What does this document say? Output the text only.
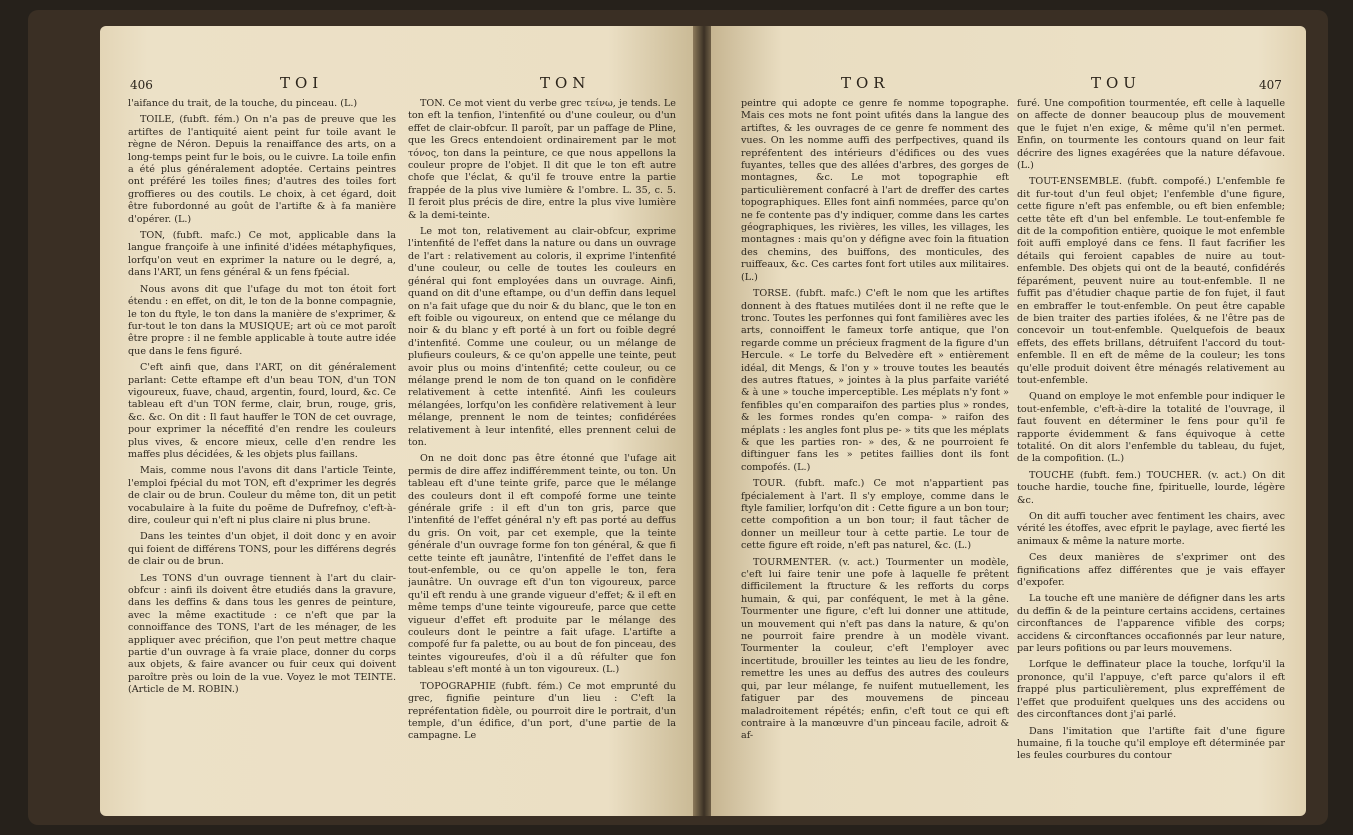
406	TOI	TON

l'aifance du trait, de la touche, du pinceau. (L.)

TOILE, (fubft. fém.) On n'a pas de preuve que les artiftes de l'antiquité aient peint fur toile avant le règne de Néron. Depuis la renaiffance des arts, on a long-temps peint fur le bois, ou le cuivre. La toile enfin a été plus généralement adoptée. Certains peintres ont préféré les toiles fines; d'autres des toiles fort groffieres ou des coutils. Le choix, à cet égard, doit être fubordonné au goût de l'artifte & à fa manière d'opérer. (L.)

TON, (fubft. mafc.) Ce mot, applicable dans la langue françoife à une infinité d'idées métaphyfiques, lorfqu'on veut en exprimer la nature ou le degré, a, dans l'ART, un fens général & un fens fpécial.

Nous avons dit que l'ufage du mot ton étoit fort étendu : en effet, on dit, le ton de la bonne compagnie, le ton du ftyle, le ton dans la manière de s'exprimer, & fur-tout le ton dans la MUSIQUE; art où ce mot paroît être propre : il ne femble applicable à toute autre idée que dans le fens figuré.

C'eft ainfi que, dans l'ART, on dit généralement parlant: Cette eftampe eft d'un beau TON, d'un TON vigoureux, fuave, chaud, argentin, fourd, lourd, &c. Ce tableau eft d'un TON ferme, clair, brun, rouge, gris, &c. &c. On dit : Il faut hauffer le TON de cet ouvrage, pour exprimer la néceffité d'en rendre les couleurs plus vives, & encore mieux, celle d'en rendre les maffes plus décidées, & les objets plus faillans.

Mais, comme nous l'avons dit dans l'article Teinte, l'emploi fpécial du mot TON, eft d'exprimer les degrés de clair ou de brun. Couleur du même ton, dit un petit vocabulaire à la fuite du poëme de Dufrefnoy, c'eft-à-dire, couleur qui n'eft ni plus claire ni plus brune.

Dans les teintes d'un objet, il doit donc y en avoir qui foient de différens TONS, pour les différens degrés de clair ou de brun.

Les TONS d'un ouvrage tiennent à l'art du clair-obfcur : ainfi ils doivent être etudiés dans la gravure, dans les deffins & dans tous les genres de peinture, avec la même exactitude : ce n'eft que par la connoiffance des TONS, l'art de les ménager, de les appliquer avec précifion, que l'on peut mettre chaque partie d'un ouvrage à fa vraie place, donner du corps aux objets, & faire avancer ou fuir ceux qui doivent paroître près ou loin de la vue. Voyez le mot TEINTE. (Article de M. ROBIN.)

TON. Ce mot vient du verbe grec τείνω, je tends. Le ton eft la tenfion, l'intenfité ou d'une couleur, ou d'un effet de clair-obfcur. Il paroît, par un paffage de Pline, que les Grecs entendoient ordinairement par le mot τόνος, ton dans la peinture, ce que nous appellons la couleur propre de l'objet. Il dit que le ton eft autre chofe que l'éclat, & qu'il fe trouve entre la partie frappée de la plus vive lumière & l'ombre. L. 35, c. 5. Il feroit plus précis de dire, entre la plus vive lumière & la demi-teinte.

Le mot ton, relativement au clair-obfcur, exprime l'intenfité de l'effet dans la nature ou dans un ouvrage de l'art : relativement au coloris, il exprime l'intenfité d'une couleur, ou celle de toutes les couleurs en général qui font employées dans un ouvrage. Ainfi, quand on dit d'une eftampe, ou d'un deffin dans lequel on n'a fait ufage que du noir & du blanc, que le ton en eft foible ou vigoureux, on entend que ce mélange du noir & du blanc y eft porté à un fort ou foible degré d'intenfité. Comme une couleur, ou un mélange de plufieurs couleurs, & ce qu'on appelle une teinte, peut avoir plus ou moins d'intenfité; cette couleur, ou ce mélange prend le nom de ton quand on le confidère relativement à cette intenfité. Ainfi les couleurs mélangées, lorfqu'on les confidère relativement à leur mélange, prennent le nom de teintes; confidérées relativement à leur intenfité, elles prennent celui de ton.

On ne doit donc pas être étonné que l'ufage ait permis de dire affez indifféremment teinte, ou ton. Un tableau eft d'une teinte grife, parce que le mélange des couleurs dont il eft compofé forme une teinte générale grife : il eft d'un ton gris, parce que l'intenfité de l'effet général n'y eft pas porté au deffus du gris. On voit, par cet exemple, que la teinte générale d'un ouvrage forme fon ton général, & que fi cette teinte eft jaunâtre, l'intenfité de l'effet dans le tout-enfemble, ou ce qu'on appelle le ton, fera jaunâtre. Un ouvrage eft d'un ton vigoureux, parce qu'il eft rendu à une grande vigueur d'effet; & il eft en même temps d'une teinte vigoureufe, parce que cette vigueur d'effet eft produite par le mélange des couleurs dont le peintre a fait ufage. L'artifte a compofé fur fa palette, ou au bout de fon pinceau, des teintes vigoureufes, d'où il a dû réfulter que fon tableau s'eft monté à un ton vigoureux. (L.)

TOPOGRAPHIE (fubft. fém.) Ce mot emprunté du grec, fignifie peinture d'un lieu : C'eft la repréfentation fidèle, ou pourroit dire le portrait, d'un temple, d'un édifice, d'un port, d'une partie de la campagne. Le

TOR	TOU	407

peintre qui adopte ce genre fe nomme topographe. Mais ces mots ne font point ufités dans la langue des artiftes, & les ouvrages de ce genre fe nomment des vues. On les nomme auffi des perfpectives, quand ils repréfentent des intérieurs d'édifices ou des vues fuyantes, telles que des allées d'arbres, des gorges de montagnes, &c. Le mot topographie eft particulièrement confacré à l'art de dreffer des cartes topographiques. Elles font ainfi nommées, parce qu'on ne fe contente pas d'y indiquer, comme dans les cartes géographiques, les rivières, les villes, les villages, les montagnes : mais qu'on y défigne avec foin la fituation des chemins, des buiffons, des monticules, des ruiffeaux, &c. Ces cartes font fort utiles aux militaires. (L.)

TORSE. (fubft. mafc.) C'eft le nom que les artiftes donnent à des ftatues mutilées dont il ne refte que le tronc. Toutes les perfonnes qui font familières avec les arts, connoiffent le fameux torfe antique, que l'on regarde comme un précieux fragment de la figure d'un Hercule. « Le torfe du Belvedère eft » entièrement idéal, dit Mengs, & l'on y » trouve toutes les beautés des autres ftatues, » jointes à la plus parfaite variété & à une » touche imperceptible. Les méplats n'y font » fenfibles qu'en comparaifon des parties plus » rondes, & les formes rondes qu'en compa- » raifon des méplats : les angles font plus pe- » tits que les méplats & que les parties ron- » des, & ne pourroient fe diftinguer fans les » petites faillies dont ils font compofés. (L.)

TOUR. (fubft. mafc.) Ce mot n'appartient pas fpécialement à l'art. Il s'y employe, comme dans le ftyle familier, lorfqu'on dit : Cette figure a un bon tour; cette compofition a un bon tour; il faut tâcher de donner un meilleur tour à cette partie. Le tour de cette figure eft roide, n'eft pas naturel, &c. (L.)

TOURMENTER. (v. act.) Tourmenter un modèle, c'eft lui faire tenir une pofe à laquelle fe prêtent difficilement la ftructure & les refforts du corps humain, & qui, par conféquent, le met à la gêne. Tourmenter une figure, c'eft lui donner une attitude, un mouvement qui n'eft pas dans la nature, & qu'on ne pourroit faire prendre à un modèle vivant. Tourmenter la couleur, c'eft l'employer avec incertitude, brouiller les teintes au lieu de les fondre, remettre les unes au deffus des autres des couleurs qui, par leur mélange, fe nuifent mutuellement, les fatiguer par des mouvemens de pinceau maladroitement répétés; enfin, c'eft tout ce qui eft contraire à la manœuvre d'un pinceau facile, adroit & af-

furé. Une compofition tourmentée, eft celle à laquelle on affecte de donner beaucoup plus de mouvement que le fujet n'en exige, & même qu'il n'en permet. Enfin, on tourmente les contours quand on leur fait décrire des lignes exagérées que la nature défavoue. (L.)

TOUT-ENSEMBLE. (fubft. compofé.) L'enfemble fe dit fur-tout d'un feul objet; l'enfemble d'une figure, cette figure n'eft pas enfemble, ou eft bien enfemble; cette tête eft d'un bel enfemble. Le tout-enfemble fe dit de la compofition entière, quoique le mot enfemble foit auffi employé dans ce fens. Il faut facrifier les détails qui feroient capables de nuire au tout-enfemble. Des objets qui ont de la beauté, confidérés féparément, peuvent nuire au tout-enfemble. Il ne fuffit pas d'étudier chaque partie de fon fujet, il faut en embraffer le tout-enfemble. On peut être capable de bien traiter des parties ifolées, & ne l'être pas de concevoir un tout-enfemble. Quelquefois de beaux effets, des effets brillans, détruifent l'accord du tout-enfemble. Il en eft de même de la couleur; les tons qu'elle produit doivent être ménagés relativement au tout-enfemble.

Quand on employe le mot enfemble pour indiquer le tout-enfemble, c'eft-à-dire la totalité de l'ouvrage, il faut fouvent en déterminer le fens pour qu'il fe rapporte évidemment & fans équivoque à cette totalité. On dit alors l'enfemble du tableau, du fujet, de la compofition. (L.)

TOUCHE (fubft. fem.) TOUCHER. (v. act.) On dit touche hardie, touche fine, fpirituelle, lourde, légère &c.

On dit auffi toucher avec fentiment les chairs, avec vérité les étoffes, avec efprit le paylage, avec fierté les animaux & même la nature morte.

Ces deux manières de s'exprimer ont des fignifications affez différentes que je vais effayer d'expofer.

La touche eft une manière de défigner dans les arts du deffin & de la peinture certains accidens, certaines circonftances de l'apparence vifible des corps; accidens & circonftances occafionnés par leur nature, par leurs pofitions ou par leurs mouvemens.

Lorfque le deffinateur place la touche, lorfqu'il la prononce, qu'il l'appuye, c'eft parce qu'alors il eft frappé plus particulièrement, plus expreffément de l'effet que produifent quelques uns des accidens ou des circonftances dont j'ai parlé.

Dans l'imitation que l'artifte fait d'une figure humaine, fi la touche qu'il employe eft déterminée par les feules courbures du contour
